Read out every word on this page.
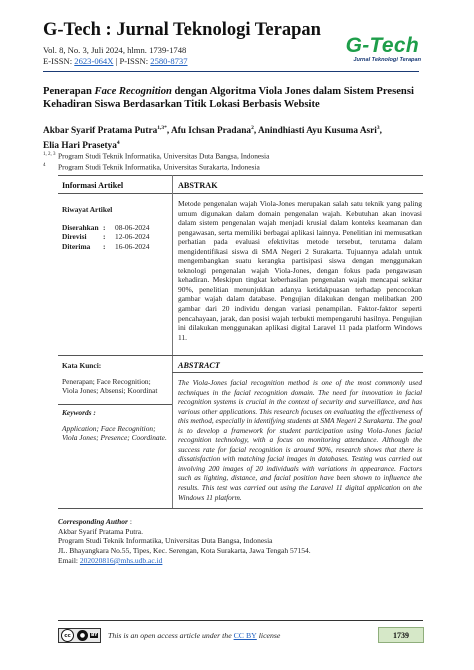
G-Tech : Jurnal Teknologi Terapan
Vol. 8, No. 3, Juli 2024, hlmn. 1739-1748
E-ISSN: 2623-064X | P-ISSN: 2580-8737
G-Tech
Jurnal Teknologi Terapan
Penerapan Face Recognition dengan Algoritma Viola Jones dalam Sistem Presensi Kehadiran Siswa Berdasarkan Titik Lokasi Berbasis Website
Akbar Syarif Pratama Putra$^{1,3*}$, Afu Ichsan Pradana$^2$, Anindhiasti Ayu Kusuma Asri$^3$,
Elia Hari Prasetya$^4$
$^{1, 2, 3}$ Program Studi Teknik Informatika, Universitas Duta Bangsa, Indonesia
$^4$ Program Studi Teknik Informatika, Universitas Surakarta, Indonesia
Informasi Artikel	ABSTRAK
Riwayat Artikel
Diserahkan :	08-06-2024
Direvisi	:	12-06-2024
Diterima	:	16-06-2024
Kata Kunci:
Penerapan; Face Recognition; Viola Jones; Absensi; Koordinat
Keywords :
Application; Face Recognition; Viola Jones; Presence; Coordinate.
Metode pengenalan wajah Viola-Jones merupakan salah satu teknik yang paling umum digunakan dalam domain pengenalan wajah. Kebutuhan akan inovasi dalam sistem pengenalan wajah menjadi krusial dalam konteks keamanan dan pengawasan, serta memiliki berbagai aplikasi lainnya. Penelitian ini memusatkan perhatian pada evaluasi efektivitas metode tersebut, terutama dalam mengidentifikasi siswa di SMA Negeri 2 Surakarta. Tujuannya adalah untuk mengembangkan suatu kerangka partisipasi siswa dengan menggunakan teknologi pengenalan wajah Viola-Jones, dengan fokus pada pengawasan kehadiran. Meskipun tingkat keberhasilan pengenalan wajah mencapai sekitar 90%, penelitian menunjukkan adanya ketidakpuasan terhadap pencocokan gambar wajah dalam database. Pengujian dilakukan dengan melibatkan 200 gambar dari 20 individu dengan variasi penampilan. Faktor-faktor seperti pencahayaan, jarak, dan posisi wajah terbukti mempengaruhi hasilnya. Pengujian ini dilakukan menggunakan aplikasi digital Laravel 11 pada platform Windows 11.
ABSTRACT
The Viola-Jones facial recognition method is one of the most commonly used techniques in the facial recognition domain. The need for innovation in facial recognition systems is crucial in the context of security and surveillance, and has various other applications. This research focuses on evaluating the effectiveness of this method, especially in identifying students at SMA Negeri 2 Surakarta. The goal is to develop a framework for student participation using Viola-Jones facial recognition technology, with a focus on monitoring attendance. Although the success rate for facial recognition is around 90%, research shows that there is dissatisfaction with matching facial images in databases. Testing was carried out involving 200 images of 20 individuals with variations in appearance. Factors such as lighting, distance, and facial position have been shown to influence the results. This test was carried out using the Laravel 11 digital application on the Windows 11 platform.
Corresponding Author :
Akbar Syarif Pratama Putra.
Program Studi Teknik Informatika, Universitas Duta Bangsa, Indonesia
JL. Bhayangkara No.55, Tipes, Kec. Serengan, Kota Surakarta, Jawa Tengah 57154.
Email: 202020816@mhs.udb.ac.id
cc	●	BY This is an open access article under the CC BY license	1739
